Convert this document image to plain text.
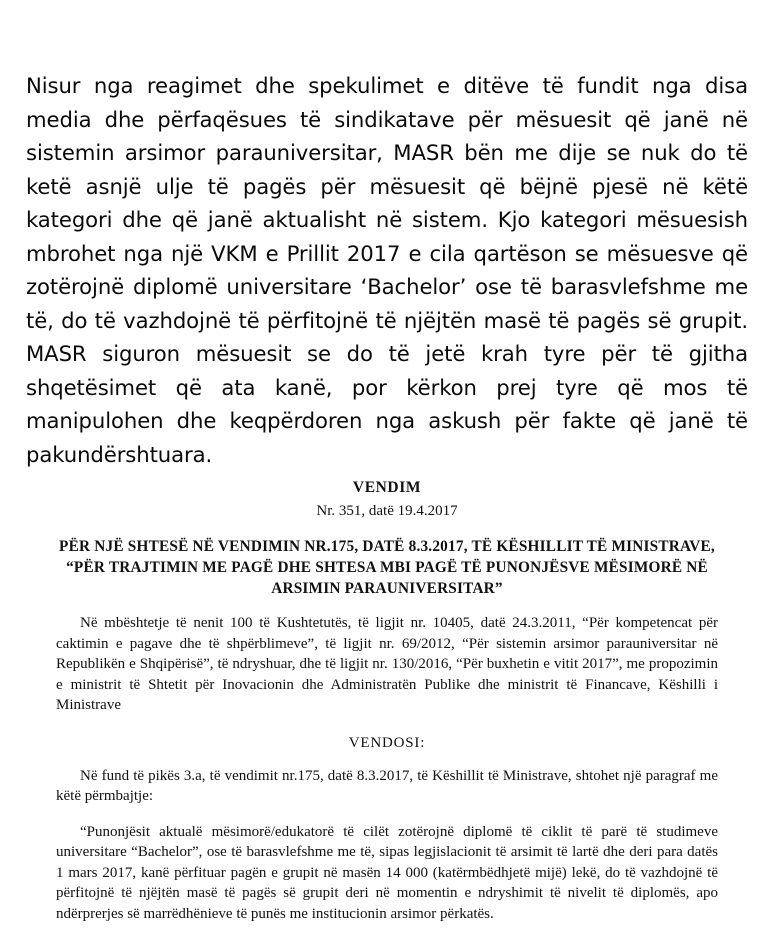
Nisur nga reagimet dhe spekulimet e ditëve të fundit nga disa media dhe përfaqësues të sindikatave për mësuesit që janë në sistemin arsimor parauniversitar, MASR bën me dije se nuk do të ketë asnjë ulje të pagës për mësuesit që bëjnë pjesë në këtë kategori dhe që janë aktualisht në sistem. Kjo kategori mësuesish mbrohet nga një VKM e Prillit 2017 e cila qartëson se mësuesve që zotërojnë diplomë universitare ‘Bachelor’ ose të barasvlefshme me të, do të vazhdojnë të përfitojnë të njëjtën masë të pagës së grupit. MASR siguron mësuesit se do të jetë krah tyre për të gjitha shqetësimet që ata kanë, por kërkon prej tyre që mos të manipulohen dhe keqpërdoren nga askush për fakte që janë të pakundërshtuara.

VENDIM
Nr. 351, datë 19.4.2017
PËR NJË SHTESË NË VENDIMIN NR.175, DATË 8.3.2017, TË KËSHILLIT TË MINISTRAVE, “PËR TRAJTIMIN ME PAGË DHE SHTESA MBI PAGË TË PUNONJËSVE MËSIMORË NË ARSIMIN PARAUNIVERSITAR”

Në mbështetje të nenit 100 të Kushtetutës, të ligjit nr. 10405, datë 24.3.2011, “Për kompetencat për caktimin e pagave dhe të shpërblimeve”, të ligjit nr. 69/2012, “Për sistemin arsimor parauniversitar në Republikën e Shqipërisë”, të ndryshuar, dhe të ligjit nr. 130/2016, “Për buxhetin e vitit 2017”, me propozimin e ministrit të Shtetit për Inovacionin dhe Administratën Publike dhe ministrit të Financave, Këshilli i Ministrave

VENDOSI:

Në fund të pikës 3.a, të vendimit nr.175, datë 8.3.2017, të Këshillit të Ministrave, shtohet një paragraf me këtë përmbajtje:

“Punonjësit aktualë mësimorë/edukatorë të cilët zotërojnë diplomë të ciklit të parë të studimeve universitare “Bachelor”, ose të barasvlefshme me të, sipas legjislacionit të arsimit të lartë dhe deri para datës 1 mars 2017, kanë përfituar pagën e grupit në masën 14 000 (katërmbëdhjetë mijë) lekë, do të vazhdojnë të përfitojnë të njëjtën masë të pagës së grupit deri në momentin e ndryshimit të nivelit të diplomës, apo ndërprerjes së marrëdhënieve të punës me institucionin arsimor përkatës.
